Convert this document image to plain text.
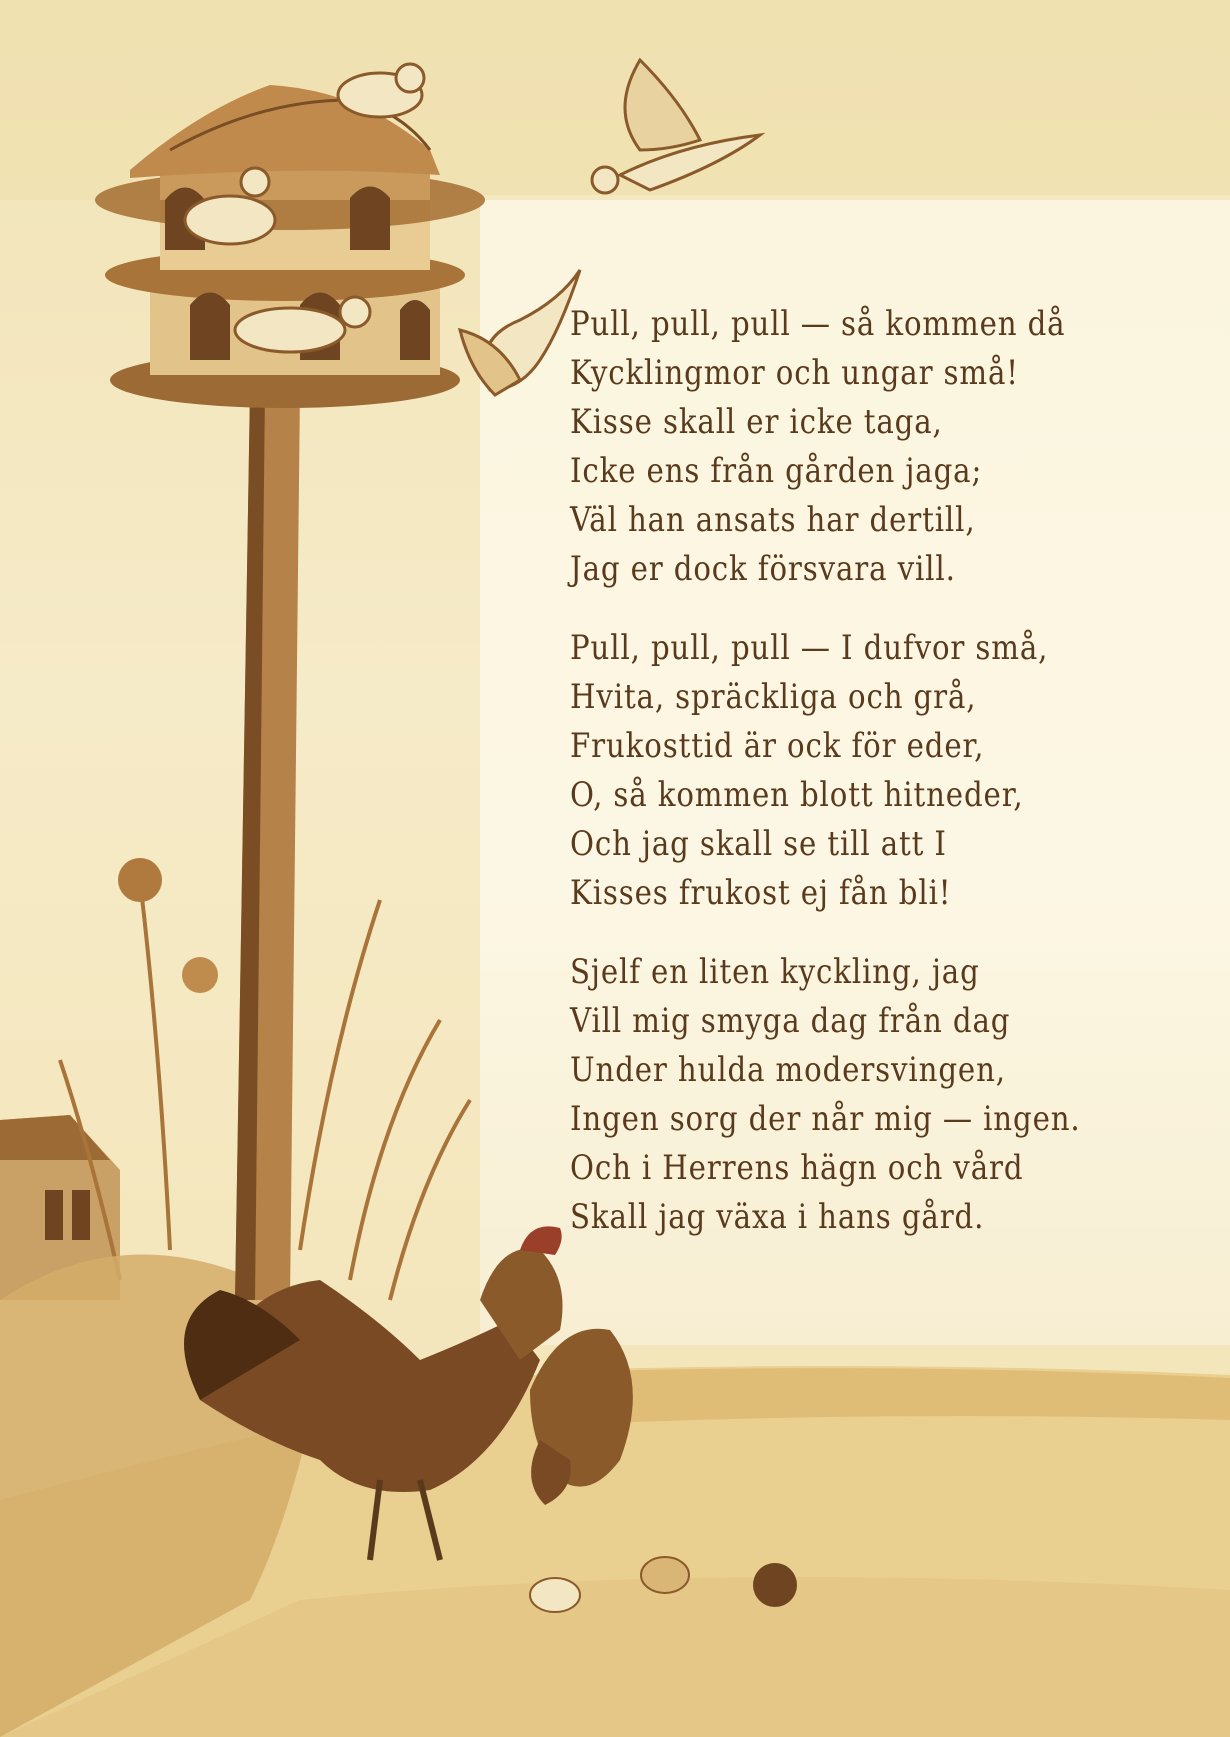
Pull, pull, pull — så kommen då
Kycklingmor och ungar små!
Kisse skall er icke taga,
Icke ens från gården jaga;
Väl han ansats har dertill,
Jag er dock försvara vill.
Pull, pull, pull — I dufvor små,
Hvita, spräckliga och grå,
Frukosttid är ock för eder,
O, så kommen blott hitneder,
Och jag skall se till att I
Kisses frukost ej fån bli!
Sjelf en liten kyckling, jag
Vill mig smyga dag från dag
Under hulda modersvingen,
Ingen sorg der når mig — ingen.
Och i Herrens hägn och vård
Skall jag växa i hans gård.
